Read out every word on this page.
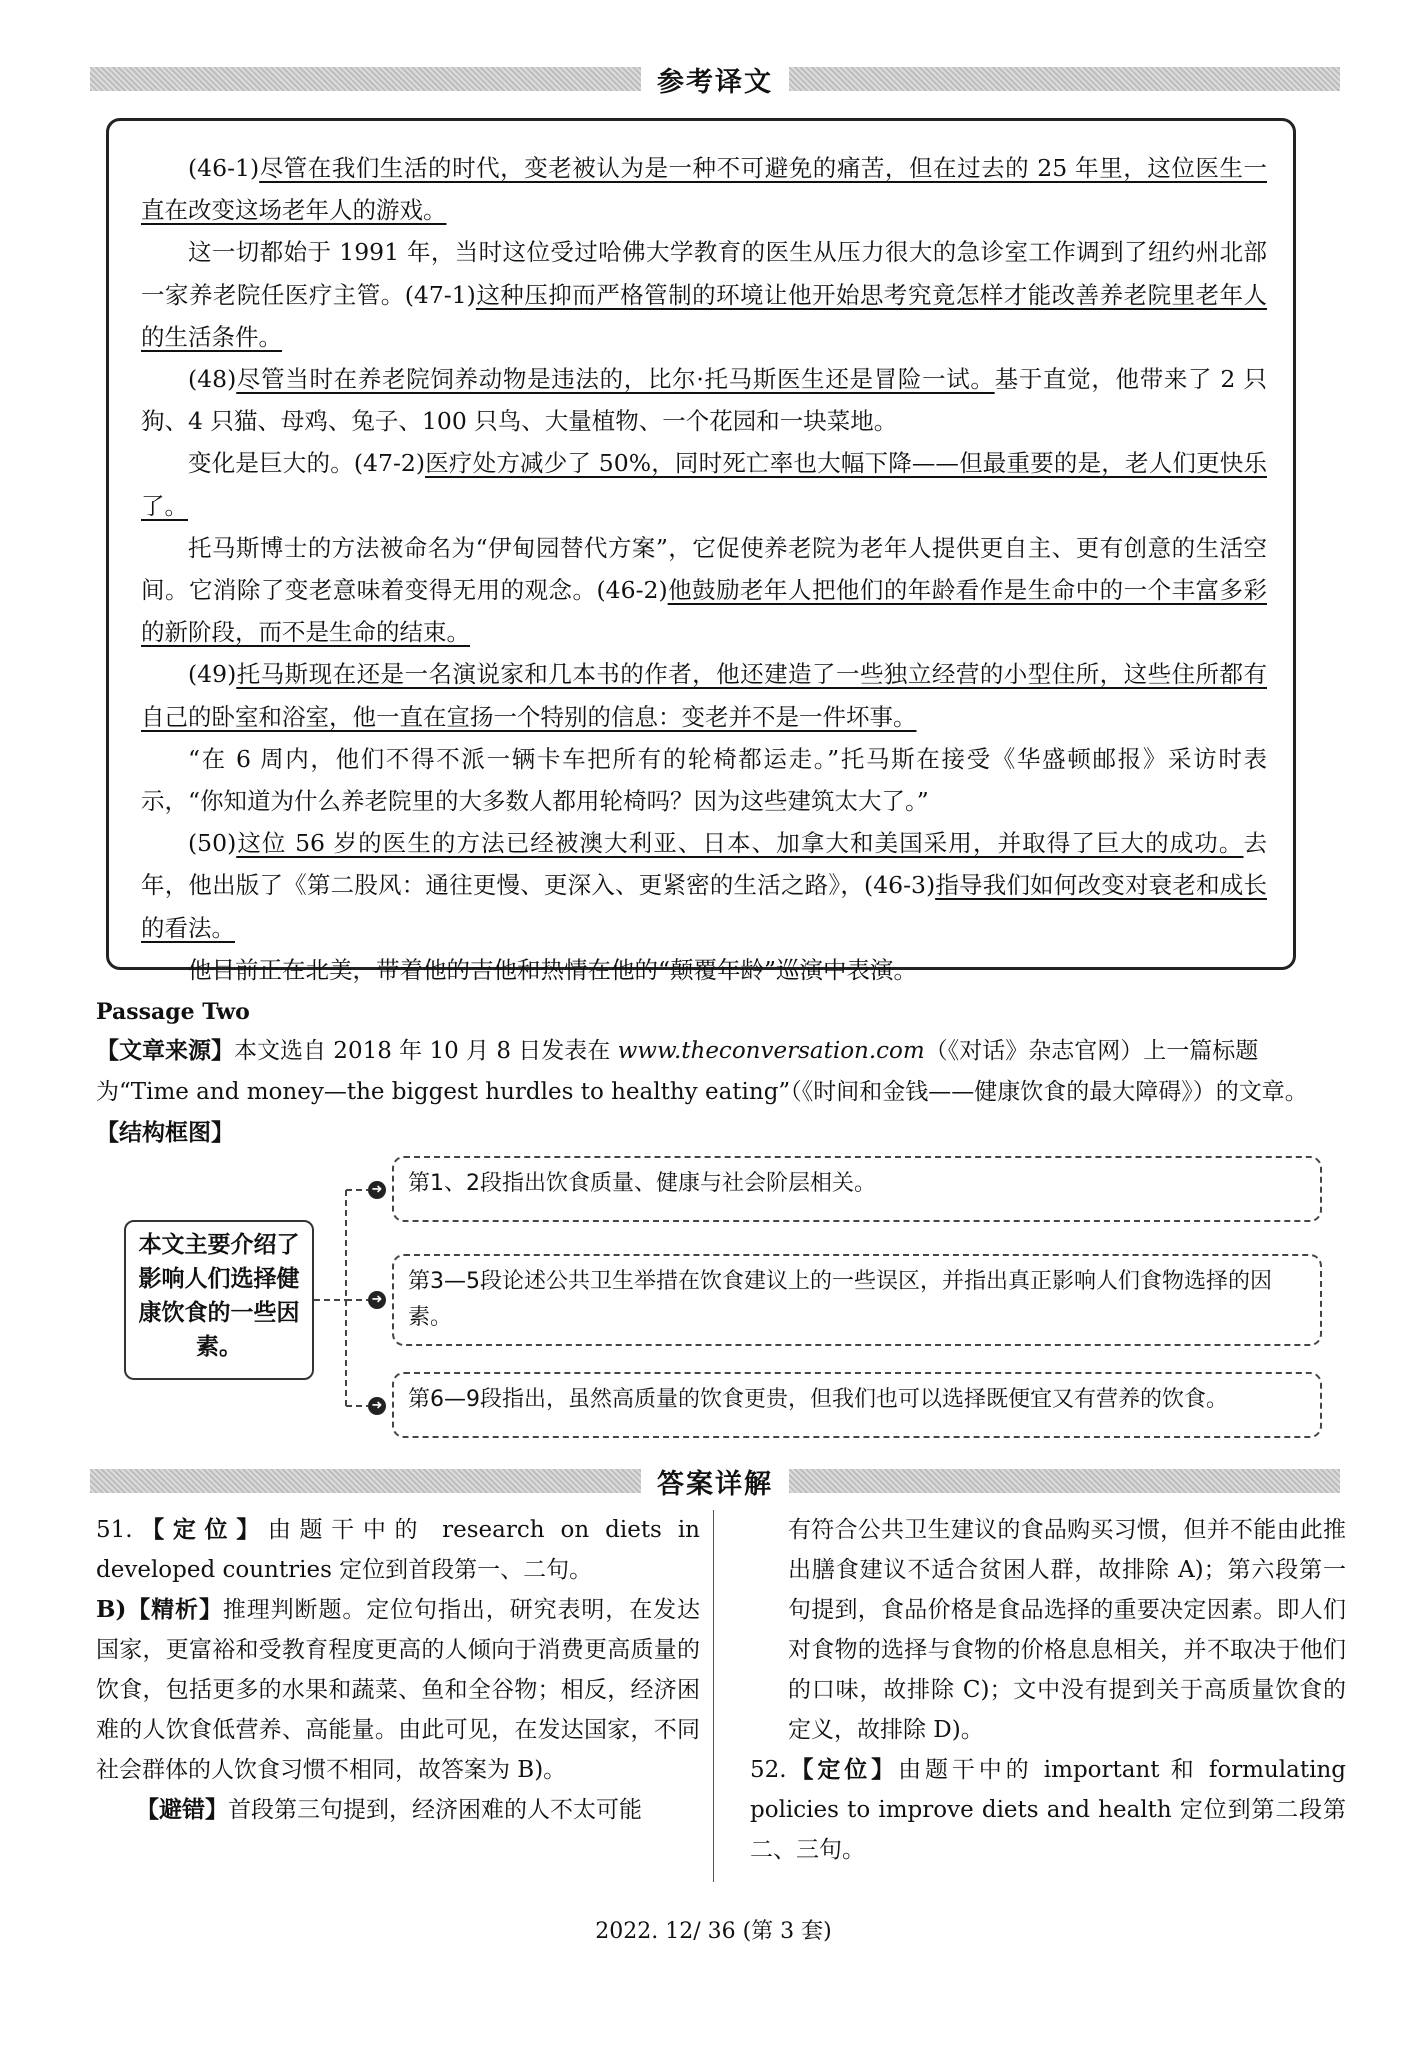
参考译文

(46-1)尽管在我们生活的时代，变老被认为是一种不可避免的痛苦，但在过去的 25 年里，这位医生一直在改变这场老年人的游戏。

这一切都始于 1991 年，当时这位受过哈佛大学教育的医生从压力很大的急诊室工作调到了纽约州北部一家养老院任医疗主管。(47-1)这种压抑而严格管制的环境让他开始思考究竟怎样才能改善养老院里老年人的生活条件。

(48)尽管当时在养老院饲养动物是违法的，比尔·托马斯医生还是冒险一试。基于直觉，他带来了 2 只狗、4 只猫、母鸡、兔子、100 只鸟、大量植物、一个花园和一块菜地。

变化是巨大的。(47-2)医疗处方减少了 50%，同时死亡率也大幅下降——但最重要的是，老人们更快乐了。

托马斯博士的方法被命名为“伊甸园替代方案”，它促使养老院为老年人提供更自主、更有创意的生活空间。它消除了变老意味着变得无用的观念。(46-2)他鼓励老年人把他们的年龄看作是生命中的一个丰富多彩的新阶段，而不是生命的结束。

(49)托马斯现在还是一名演说家和几本书的作者，他还建造了一些独立经营的小型住所，这些住所都有自己的卧室和浴室，他一直在宣扬一个特别的信息：变老并不是一件坏事。

“在 6 周内，他们不得不派一辆卡车把所有的轮椅都运走。”托马斯在接受《华盛顿邮报》采访时表示，“你知道为什么养老院里的大多数人都用轮椅吗？因为这些建筑太大了。”

(50)这位 56 岁的医生的方法已经被澳大利亚、日本、加拿大和美国采用，并取得了巨大的成功。去年，他出版了《第二股风：通往更慢、更深入、更紧密的生活之路》，(46-3)指导我们如何改变对衰老和成长的看法。

他目前正在北美，带着他的吉他和热情在他的“颠覆年龄”巡演中表演。

Passage Two
【文章来源】本文选自 2018 年 10 月 8 日发表在 www.theconversation.com（《对话》杂志官网）上一篇标题为“Time and money—the biggest hurdles to healthy eating”（《时间和金钱——健康饮食的最大障碍》）的文章。
【结构框图】
本文主要介绍了影响人们选择健康饮食的一些因素。
➜
➜
➜
第1、2段指出饮食质量、健康与社会阶层相关。
第3—5段论述公共卫生举措在饮食建议上的一些误区，并指出真正影响人们食物选择的因素。
第6—9段指出，虽然高质量的饮食更贵，但我们也可以选择既便宜又有营养的饮食。
答案详解

51.【定位】由题干中的 research on diets in developed countries 定位到首段第一、二句。

B)【精析】推理判断题。定位句指出，研究表明，在发达国家，更富裕和受教育程度更高的人倾向于消费更高质量的饮食，包括更多的水果和蔬菜、鱼和全谷物；相反，经济困难的人饮食低营养、高能量。由此可见，在发达国家，不同社会群体的人饮食习惯不相同，故答案为 B)。

【避错】首段第三句提到，经济困难的人不太可能

有符合公共卫生建议的食品购买习惯，但并不能由此推出膳食建议不适合贫困人群，故排除 A)；第六段第一句提到，食品价格是食品选择的重要决定因素。即人们对食物的选择与食物的价格息息相关，并不取决于他们的口味，故排除 C)；文中没有提到关于高质量饮食的定义，故排除 D)。

52.【定位】由题干中的 important 和 formulating policies to improve diets and health 定位到第二段第二、三句。

2022. 12/ 36 (第 3 套)
